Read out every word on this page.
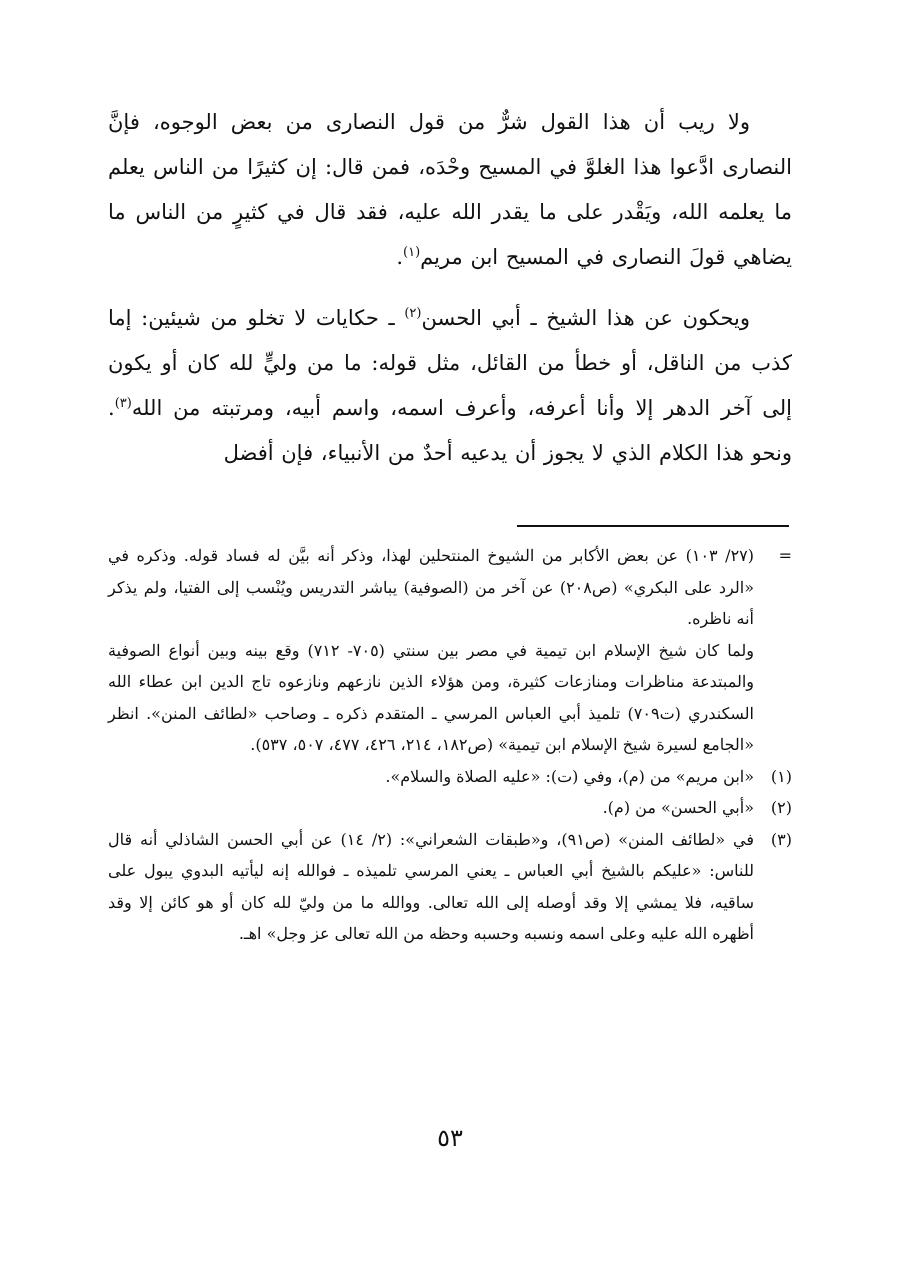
ولا ريب أن هذا القول شرٌّ من قول النصارى من بعض الوجوه، فإنَّ النصارى ادَّعوا هذا الغلوَّ في المسيح وحْدَه، فمن قال: إن كثيرًا من الناس يعلم ما يعلمه الله، ويَقْدر على ما يقدر الله عليه، فقد قال في كثيرٍ من الناس ما يضاهي قولَ النصارى في المسيح ابن مريم$^{(١)}$.

ويحكون عن هذا الشيخ ـ أبي الحسن$^{(٢)}$ ـ حكايات لا تخلو من شيئين: إما كذب من الناقل، أو خطأ من القائل، مثل قوله: ما من وليٍّ لله كان أو يكون إلى آخر الدهر إلا وأنا أعرفه، وأعرف اسمه، واسم أبيه، ومرتبته من الله$^{(٣)}$. ونحو هذا الكلام الذي لا يجوز أن يدعيه أحدٌ من الأنبياء، فإن أفضل

=
(٢٧/ ١٠٣) عن بعض الأكابر من الشيوخ المنتحلين لهذا، وذكر أنه بيَّن له فساد قوله. وذكره في «الرد على البكري» (ص٢٠٨) عن آخر من (الصوفية) يباشر التدريس ويُنْسب إلى الفتيا، ولم يذكر أنه ناظره.
ولما كان شيخ الإسلام ابن تيمية في مصر بين سنتي (٧٠٥- ٧١٢) وقع بينه وبين أنواع الصوفية والمبتدعة مناظرات ومنازعات كثيرة، ومن هؤلاء الذين نازعهم ونازعوه تاج الدين ابن عطاء الله السكندري (ت٧٠٩) تلميذ أبي العباس المرسي ـ المتقدم ذكره ـ وصاحب «لطائف المنن». انظر «الجامع لسيرة شيخ الإسلام ابن تيمية» (ص١٨٢، ٢١٤، ٤٢٦، ٤٧٧، ٥٠٧، ٥٣٧).
(١)
«ابن مريم» من (م)، وفي (ت): «عليه الصلاة والسلام».
(٢)
«أبي الحسن» من (م).
(٣)
في «لطائف المنن» (ص٩١)، و«طبقات الشعراني»: (٢/ ١٤) عن أبي الحسن الشاذلي أنه قال للناس: «عليكم بالشيخ أبي العباس ـ يعني المرسي تلميذه ـ فوالله إنه ليأتيه البدوي يبول على ساقيه، فلا يمشي إلا وقد أوصله إلى الله تعالى. ووالله ما من وليّ لله كان أو هو كائن إلا وقد أظهره الله عليه وعلى اسمه ونسبه وحسبه وحظه من الله تعالى عز وجل» اهـ.
٥٣
